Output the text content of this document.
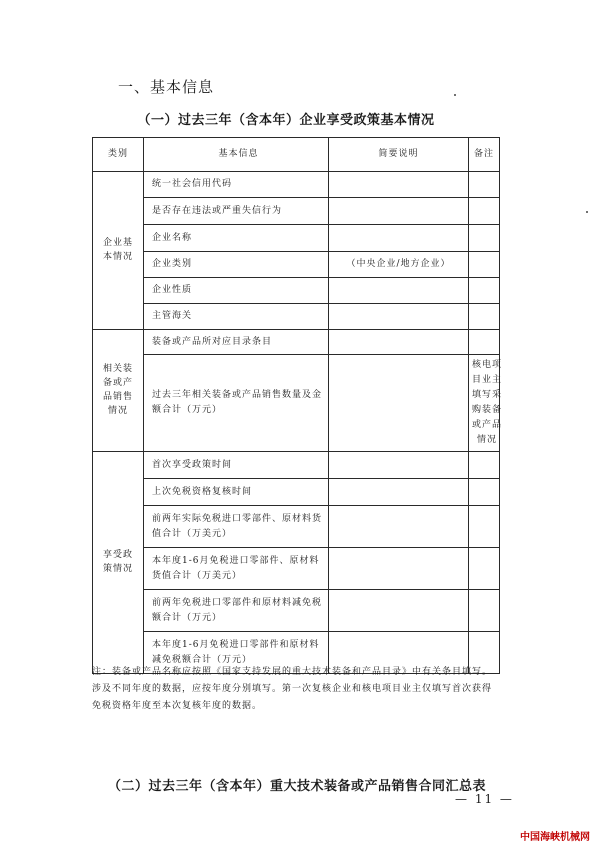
一、基本信息
（一）过去三年（含本年）企业享受政策基本情况
类别	基本信息	简要说明	备注
企业基本情况	统一社会信用代码		
	是否存在违法或严重失信行为		
	企业名称		
	企业类别	（中央企业/地方企业）	
	企业性质		
	主管海关		
相关装备或产品销售情况	装备或产品所对应目录条目		
	过去三年相关装备或产品销售数量及金额合计（万元）		核电项目业主填写采购装备或产品情况
享受政策情况	首次享受政策时间		
	上次免税资格复核时间		
	前两年实际免税进口零部件、原材料货值合计（万美元）		
	本年度1-6月免税进口零部件、原材料货值合计（万美元）		
	前两年免税进口零部件和原材料减免税额合计（万元）		
	本年度1-6月免税进口零部件和原材料减免税额合计（万元）		
注：装备或产品名称应按照《国家支持发展的重大技术装备和产品目录》中有关条目填写。涉及不同年度的数据，应按年度分别填写。第一次复核企业和核电项目业主仅填写首次获得免税资格年度至本次复核年度的数据。
（二）过去三年（含本年）重大技术装备或产品销售合同汇总表
— 11 —
中国海峡机械网
